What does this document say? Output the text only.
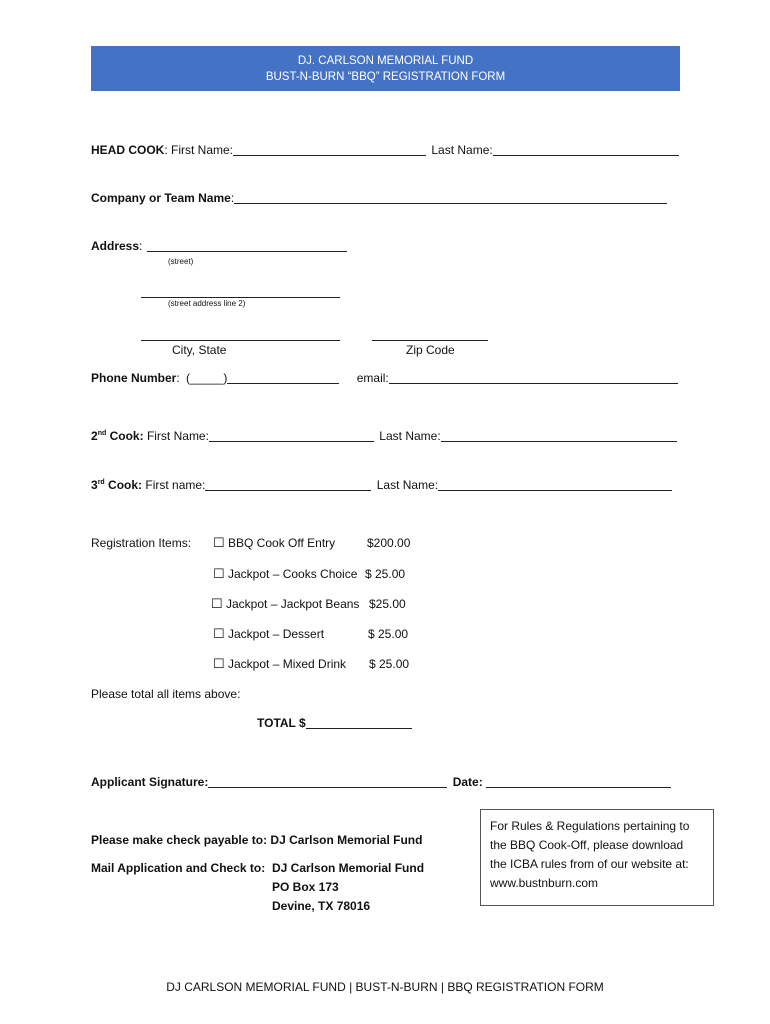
DJ. CARLSON MEMORIAL FUND
BUST-N-BURN “BBQ” REGISTRATION FORM
HEAD COOK: First Name:	Last Name:
Company or Team Name:
Address:
(street)
(street address line 2)
City, State	Zip Code
Phone Number: (_____)	email:
2nd Cook: First Name:	Last Name:
3rd Cook: First name:	Last Name:
Registration Items: ☐ BBQ Cook Off Entry	$200.00
☐ Jackpot – Cooks Choice $ 25.00
☐ Jackpot – Jackpot Beans $25.00
☐ Jackpot – Dessert	$ 25.00
☐ Jackpot – Mixed Drink $ 25.00
Please total all items above:
TOTAL $
Applicant Signature:	Date:
Please make check payable to: DJ Carlson Memorial Fund
Mail Application and Check to: DJ Carlson Memorial Fund
PO Box 173
Devine, TX 78016
For Rules & Regulations pertaining to
the BBQ Cook-Off, please download
the ICBA rules from of our website at:
www.bustnburn.com
DJ CARLSON MEMORIAL FUND | BUST-N-BURN | BBQ REGISTRATION FORM
